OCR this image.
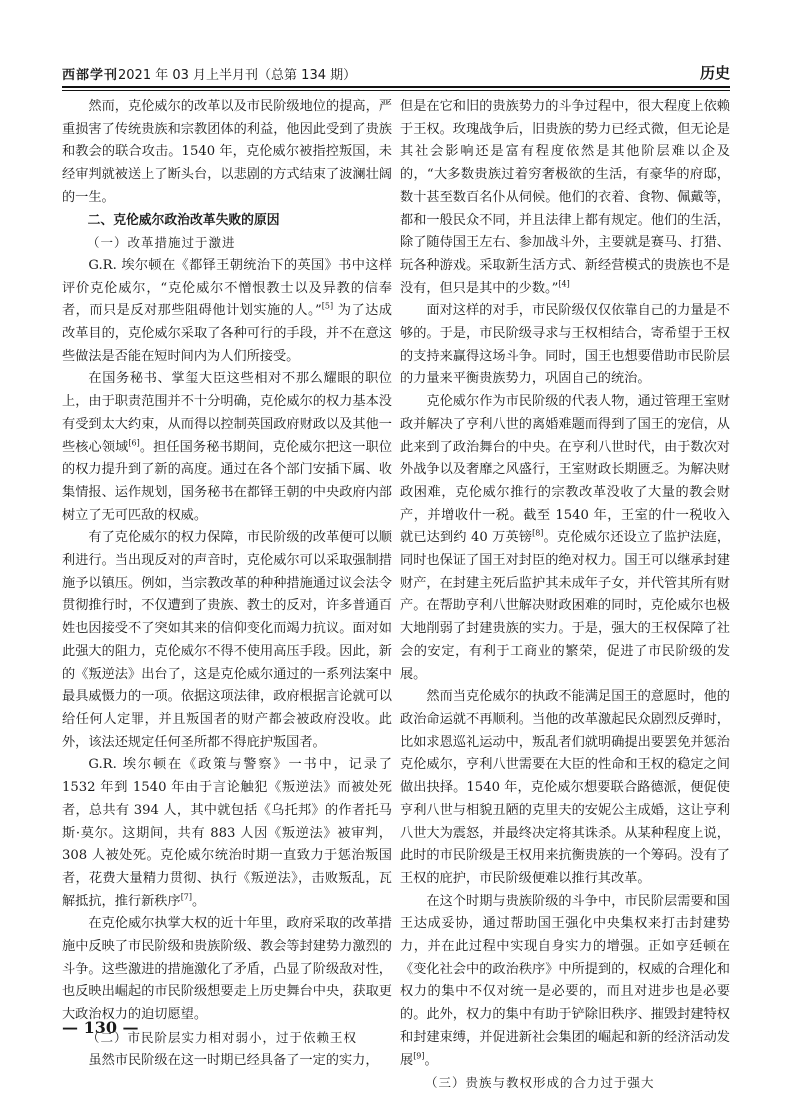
西部学刊2021 年 03 月上半月刊（总第 134 期）	历史

然而，克伦威尔的改革以及市民阶级地位的提高，严重损害了传统贵族和宗教团体的利益，他因此受到了贵族和教会的联合攻击。1540 年，克伦威尔被指控叛国，未经审判就被送上了断头台，以悲剧的方式结束了波澜壮阔的一生。

二、克伦威尔政治改革失败的原因

（一）改革措施过于激进

G.R. 埃尔顿在《都铎王朝统治下的英国》书中这样评价克伦威尔，“克伦威尔不憎恨教士以及异教的信奉者，而只是反对那些阻碍他计划实施的人。”[5] 为了达成改革目的，克伦威尔采取了各种可行的手段，并不在意这些做法是否能在短时间内为人们所接受。

在国务秘书、掌玺大臣这些相对不那么耀眼的职位上，由于职责范围并不十分明确，克伦威尔的权力基本没有受到太大约束，从而得以控制英国政府财政以及其他一些核心领域[6]。担任国务秘书期间，克伦威尔把这一职位的权力提升到了新的高度。通过在各个部门安插下属、收集情报、运作规划，国务秘书在都铎王朝的中央政府内部树立了无可匹敌的权威。

有了克伦威尔的权力保障，市民阶级的改革便可以顺利进行。当出现反对的声音时，克伦威尔可以采取强制措施予以镇压。例如，当宗教改革的种种措施通过议会法令贯彻推行时，不仅遭到了贵族、教士的反对，许多普通百姓也因接受不了突如其来的信仰变化而竭力抗议。面对如此强大的阻力，克伦威尔不得不使用高压手段。因此，新的《叛逆法》出台了，这是克伦威尔通过的一系列法案中最具威慑力的一项。依据这项法律，政府根据言论就可以给任何人定罪，并且叛国者的财产都会被政府没收。此外，该法还规定任何圣所都不得庇护叛国者。

G.R. 埃尔顿在《政策与警察》一书中，记录了 1532 年到 1540 年由于言论触犯《叛逆法》而被处死者，总共有 394 人，其中就包括《乌托邦》的作者托马斯·莫尔。这期间，共有 883 人因《叛逆法》被审判，308 人被处死。克伦威尔统治时期一直致力于惩治叛国者，花费大量精力贯彻、执行《叛逆法》，击败叛乱，瓦解抵抗，推行新秩序[7]。

在克伦威尔执掌大权的近十年里，政府采取的改革措施中反映了市民阶级和贵族阶级、教会等封建势力激烈的斗争。这些激进的措施激化了矛盾，凸显了阶级敌对性，也反映出崛起的市民阶级想要走上历史舞台中央，获取更大政治权力的迫切愿望。

（二）市民阶层实力相对弱小，过于依赖王权

虽然市民阶级在这一时期已经具备了一定的实力，

但是在它和旧的贵族势力的斗争过程中，很大程度上依赖于王权。玫瑰战争后，旧贵族的势力已经式微，但无论是其社会影响还是富有程度依然是其他阶层难以企及的，“大多数贵族过着穷奢极欲的生活，有豪华的府邸，数十甚至数百名仆从伺候。他们的衣着、食物、佩戴等，都和一般民众不同，并且法律上都有规定。他们的生活，除了随侍国王左右、参加战斗外，主要就是赛马、打猎、玩各种游戏。采取新生活方式、新经营模式的贵族也不是没有，但只是其中的少数。”[4]

面对这样的对手，市民阶级仅仅依靠自己的力量是不够的。于是，市民阶级寻求与王权相结合，寄希望于王权的支持来赢得这场斗争。同时，国王也想要借助市民阶层的力量来平衡贵族势力，巩固自己的统治。

克伦威尔作为市民阶级的代表人物，通过管理王室财政并解决了亨利八世的离婚难题而得到了国王的宠信，从此来到了政治舞台的中央。在亨利八世时代，由于数次对外战争以及奢靡之风盛行，王室财政长期匮乏。为解决财政困难，克伦威尔推行的宗教改革没收了大量的教会财产，并增收什一税。截至 1540 年，王室的什一税收入就已达到约 40 万英镑[8]。克伦威尔还设立了监护法庭，同时也保证了国王对封臣的绝对权力。国王可以继承封建财产，在封建主死后监护其未成年子女，并代管其所有财产。在帮助亨利八世解决财政困难的同时，克伦威尔也极大地削弱了封建贵族的实力。于是，强大的王权保障了社会的安定，有利于工商业的繁荣，促进了市民阶级的发展。

然而当克伦威尔的执政不能满足国王的意愿时，他的政治命运就不再顺利。当他的改革激起民众剧烈反弹时，比如求恩巡礼运动中，叛乱者们就明确提出要罢免并惩治克伦威尔，亨利八世需要在大臣的性命和王权的稳定之间做出抉择。1540 年，克伦威尔想要联合路德派，便促使亨利八世与相貌丑陋的克里夫的安妮公主成婚，这让亨利八世大为震怒，并最终决定将其诛杀。从某种程度上说，此时的市民阶级是王权用来抗衡贵族的一个筹码。没有了王权的庇护，市民阶级便难以推行其改革。

在这个时期与贵族阶级的斗争中，市民阶层需要和国王达成妥协，通过帮助国王强化中央集权来打击封建势力，并在此过程中实现自身实力的增强。正如亨廷顿在《变化社会中的政治秩序》中所提到的，权威的合理化和权力的集中不仅对统一是必要的，而且对进步也是必要的。此外，权力的集中有助于铲除旧秩序、摧毁封建特权和封建束缚，并促进新社会集团的崛起和新的经济活动发展[9]。

（三）贵族与教权形成的合力过于强大

— 130 —
